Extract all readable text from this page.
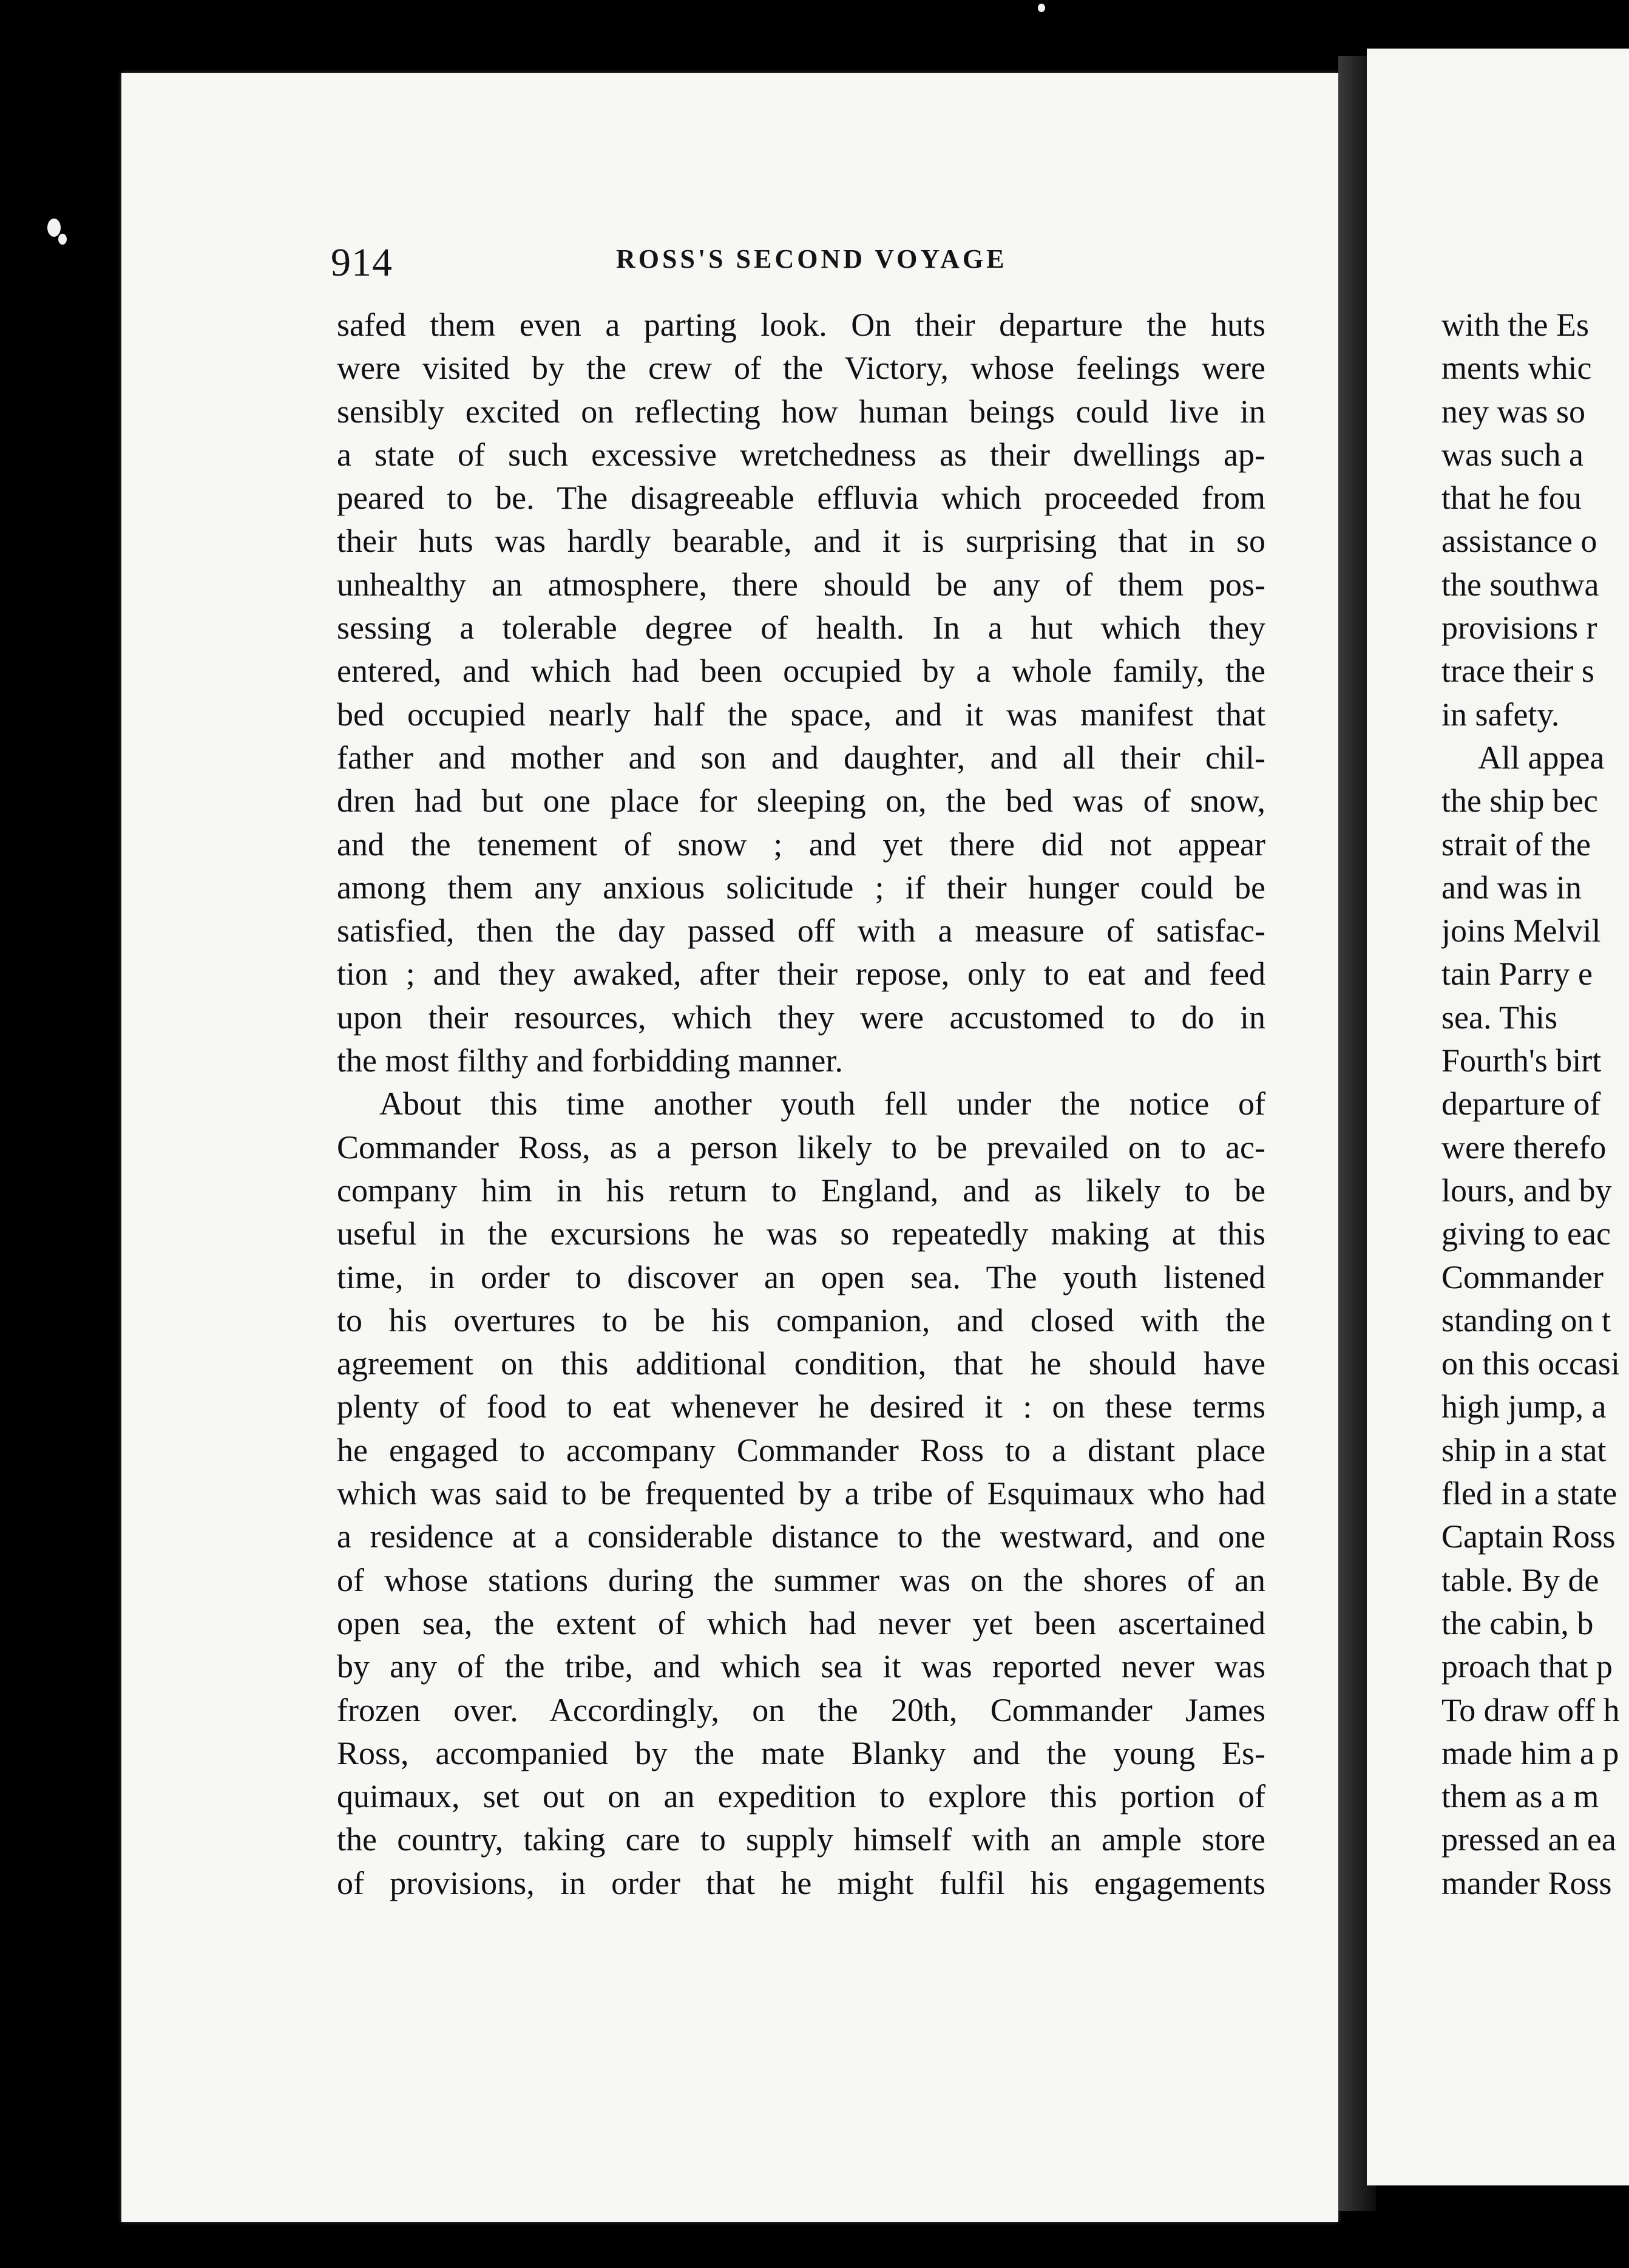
914	ROSS'S SECOND VOYAGE
safed them even a parting look. On their departure the huts
were visited by the crew of the Victory, whose feelings were
sensibly excited on reflecting how human beings could live in
a state of such excessive wretchedness as their dwellings ap-
peared to be. The disagreeable effluvia which proceeded from
their huts was hardly bearable, and it is surprising that in so
unhealthy an atmosphere, there should be any of them pos-
sessing a tolerable degree of health. In a hut which they
entered, and which had been occupied by a whole family, the
bed occupied nearly half the space, and it was manifest that
father and mother and son and daughter, and all their chil-
dren had but one place for sleeping on, the bed was of snow,
and the tenement of snow ; and yet there did not appear
among them any anxious solicitude ; if their hunger could be
satisfied, then the day passed off with a measure of satisfac-
tion ; and they awaked, after their repose, only to eat and feed
upon their resources, which they were accustomed to do in
the most filthy and forbidding manner.
About this time another youth fell under the notice of
Commander Ross, as a person likely to be prevailed on to ac-
company him in his return to England, and as likely to be
useful in the excursions he was so repeatedly making at this
time, in order to discover an open sea. The youth listened
to his overtures to be his companion, and closed with the
agreement on this additional condition, that he should have
plenty of food to eat whenever he desired it : on these terms
he engaged to accompany Commander Ross to a distant place
which was said to be frequented by a tribe of Esquimaux who had
a residence at a considerable distance to the westward, and one
of whose stations during the summer was on the shores of an
open sea, the extent of which had never yet been ascertained
by any of the tribe, and which sea it was reported never was
frozen over. Accordingly, on the 20th, Commander James
Ross, accompanied by the mate Blanky and the young Es-
quimaux, set out on an expedition to explore this portion of
the country, taking care to supply himself with an ample store
of provisions, in order that he might fulfil his engagements
with the Es
ments whic
ney was so
was such a
that he fou
assistance o
the southwa
provisions r
trace their s
in safety.
All appea
the ship bec
strait of the
and was in
joins Melvil
tain Parry e
sea. This
Fourth's birt
departure of
were therefo
lours, and by
giving to eac
Commander
standing on t
on this occasi
high jump, a
ship in a stat
fled in a state
Captain Ross
table. By de
the cabin, b
proach that p
To draw off h
made him a p
them as a m
pressed an ea
mander Ross
